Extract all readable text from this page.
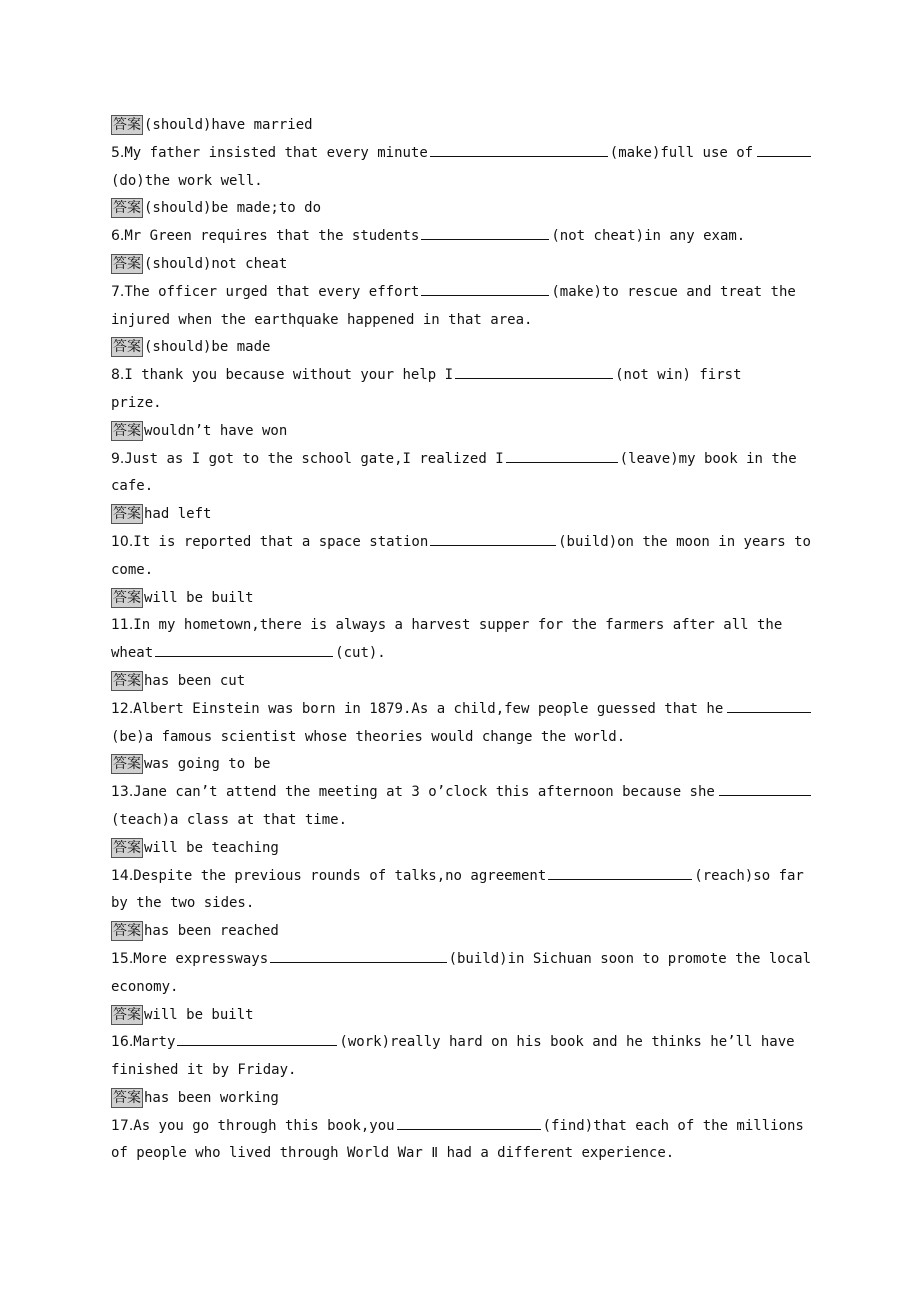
答案 (should)have married
5. My father insisted that every minute	(make)full use of
(do)the work well.
答案 (should)be made;to do
6. Mr Green requires that the students	(not cheat)in any exam.
答案 (should)not cheat
7. The officer urged that every effort	(make)to rescue and treat the
injured when the earthquake happened in that area.
答案 (should)be made
8. I thank you because without your help I	(not win) first
prize.
答案 wouldn’t have won
9. Just as I got to the school gate,I realized I	(leave)my book in the
cafe.
答案 had left
10. It is reported that a space station	(build)on the moon in years to
come.
答案 will be built
11. In my hometown,there is always a harvest supper for the farmers after all the
wheat	(cut).
答案 has been cut
12. Albert Einstein was born in 1879.As a child,few people guessed that he
(be)a famous scientist whose theories would change the world.
答案 was going to be
13. Jane can’t attend the meeting at 3 o’clock this afternoon because she
(teach)a class at that time.
答案 will be teaching
14. Despite the previous rounds of talks,no agreement	(reach)so far
by the two sides.
答案 has been reached
15. More expressways	(build)in Sichuan soon to promote the local
economy.
答案 will be built
16. Marty	(work)really hard on his book and he thinks he’ll have
finished it by Friday.
答案 has been working
17. As you go through this book,you	(find)that each of the millions
of people who lived through World War Ⅱ had a different experience.
